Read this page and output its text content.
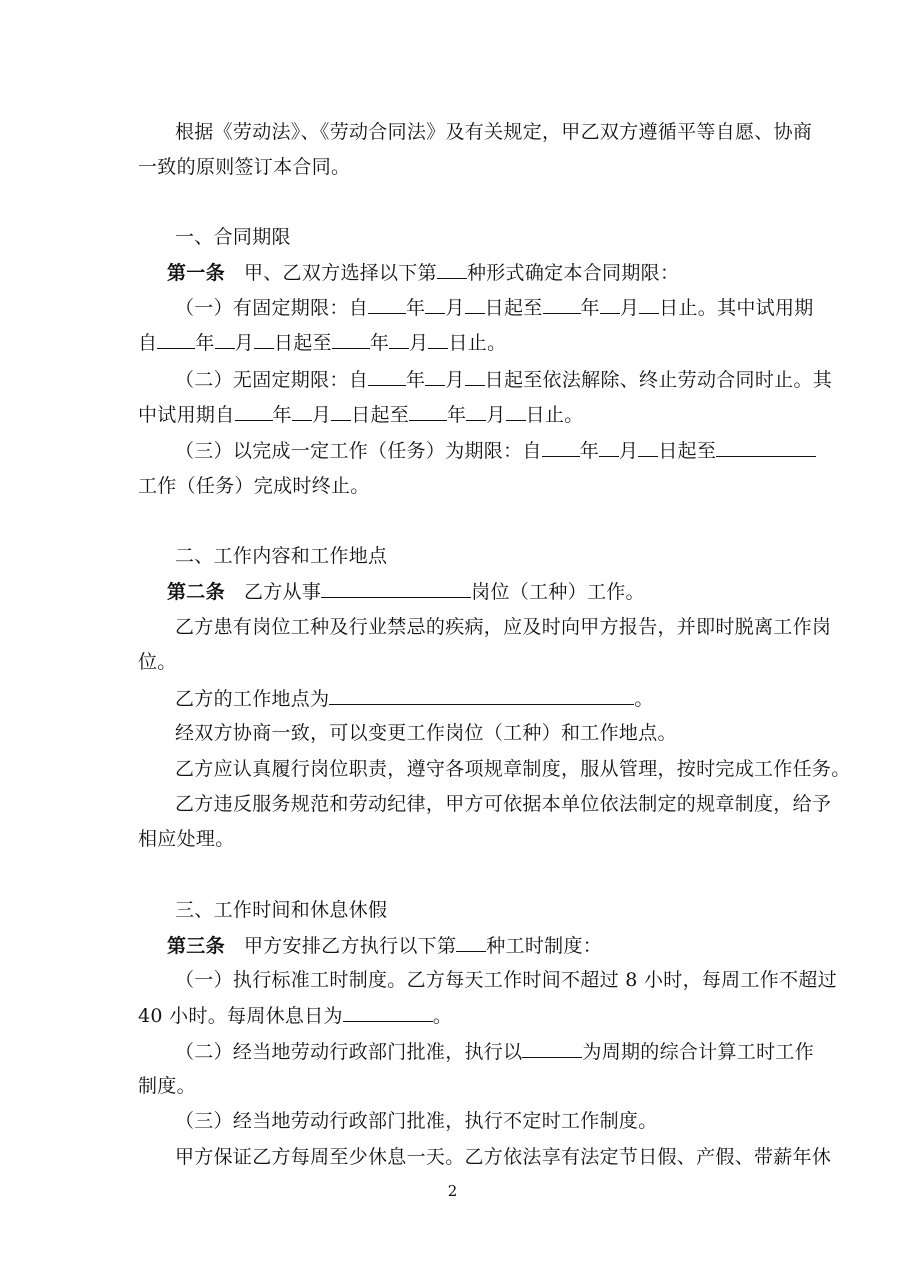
根据《劳动法》、《劳动合同法》及有关规定，甲乙双方遵循平等自愿、协商
一致的原则签订本合同。
一、合同期限
第一条 甲、乙双方选择以下第 种形式确定本合同期限：
（一）有固定期限：自 年 月 日起至 年 月 日止。其中试用期
自 年 月 日起至 年 月 日止。
（二）无固定期限：自 年 月 日起至依法解除、终止劳动合同时止。其
中试用期自 年 月 日起至 年 月 日止。
（三）以完成一定工作（任务）为期限：自 年 月 日起至
工作（任务）完成时终止。
二、工作内容和工作地点
第二条 乙方从事	岗位（工种）工作。
乙方患有岗位工种及行业禁忌的疾病，应及时向甲方报告，并即时脱离工作岗
位。
乙方的工作地点为	。
经双方协商一致，可以变更工作岗位（工种）和工作地点。
乙方应认真履行岗位职责，遵守各项规章制度，服从管理，按时完成工作任务。
乙方违反服务规范和劳动纪律，甲方可依据本单位依法制定的规章制度，给予
相应处理。
三、工作时间和休息休假
第三条 甲方安排乙方执行以下第 种工时制度：
（一）执行标准工时制度。乙方每天工作时间不超过 8 小时，每周工作不超过
40 小时。每周休息日为	。
（二）经当地劳动行政部门批准，执行以	为周期的综合计算工时工作
制度。
（三）经当地劳动行政部门批准，执行不定时工作制度。
甲方保证乙方每周至少休息一天。乙方依法享有法定节日假、产假、带薪年休
2
